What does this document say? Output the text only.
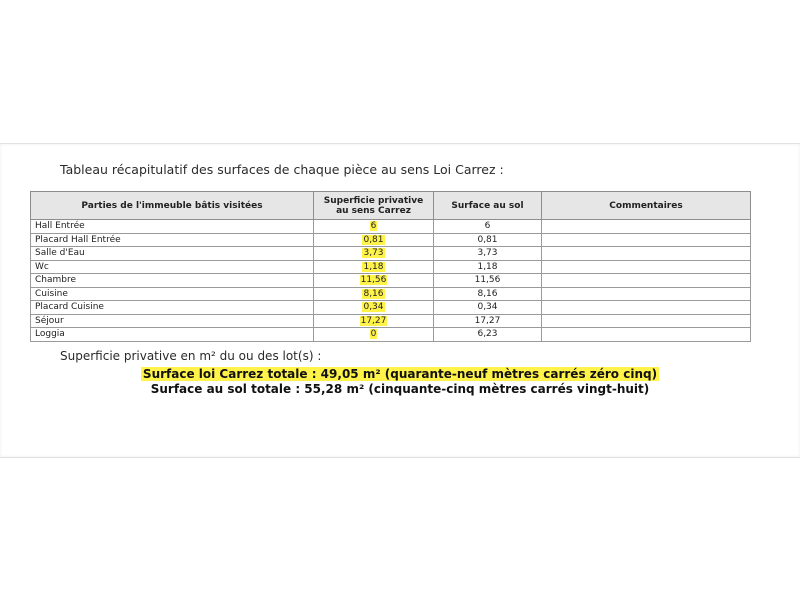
Tableau récapitulatif des surfaces de chaque pièce au sens Loi Carrez :
Parties de l'immeuble bâtis visitées	Superficie privative au sens Carrez	Surface au sol	Commentaires
Hall Entrée	6	6	
Placard Hall Entrée	0,81	0,81	
Salle d'Eau	3,73	3,73	
Wc	1,18	1,18	
Chambre	11,56	11,56	
Cuisine	8,16	8,16	
Placard Cuisine	0,34	0,34	
Séjour	17,27	17,27	
Loggia	0	6,23	
Superficie privative en m² du ou des lot(s) :
Surface loi Carrez totale : 49,05 m² (quarante-neuf mètres carrés zéro cinq)
Surface au sol totale : 55,28 m² (cinquante-cinq mètres carrés vingt-huit)
